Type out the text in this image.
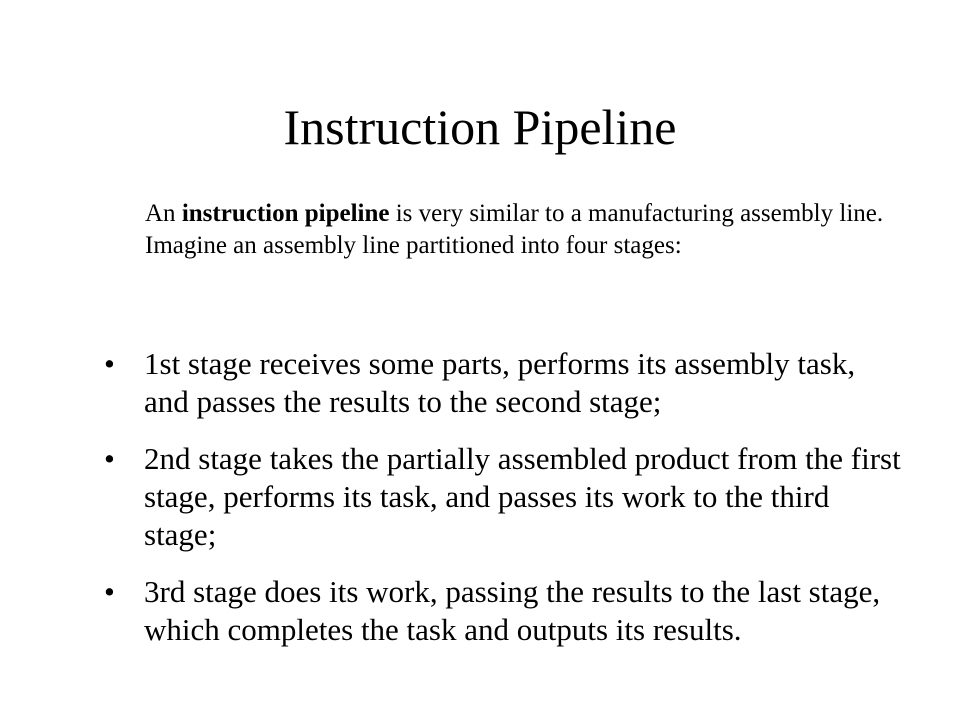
Instruction Pipeline

An instruction pipeline is very similar to a manufacturing assembly line. Imagine an assembly line partitioned into four stages:

• 1st stage receives some parts, performs its assembly task, and passes the results to the second stage;
• 2nd stage takes the partially assembled product from the first stage, performs its task, and passes its work to the third stage;
• 3rd stage does its work, passing the results to the last stage, which completes the task and outputs its results.
